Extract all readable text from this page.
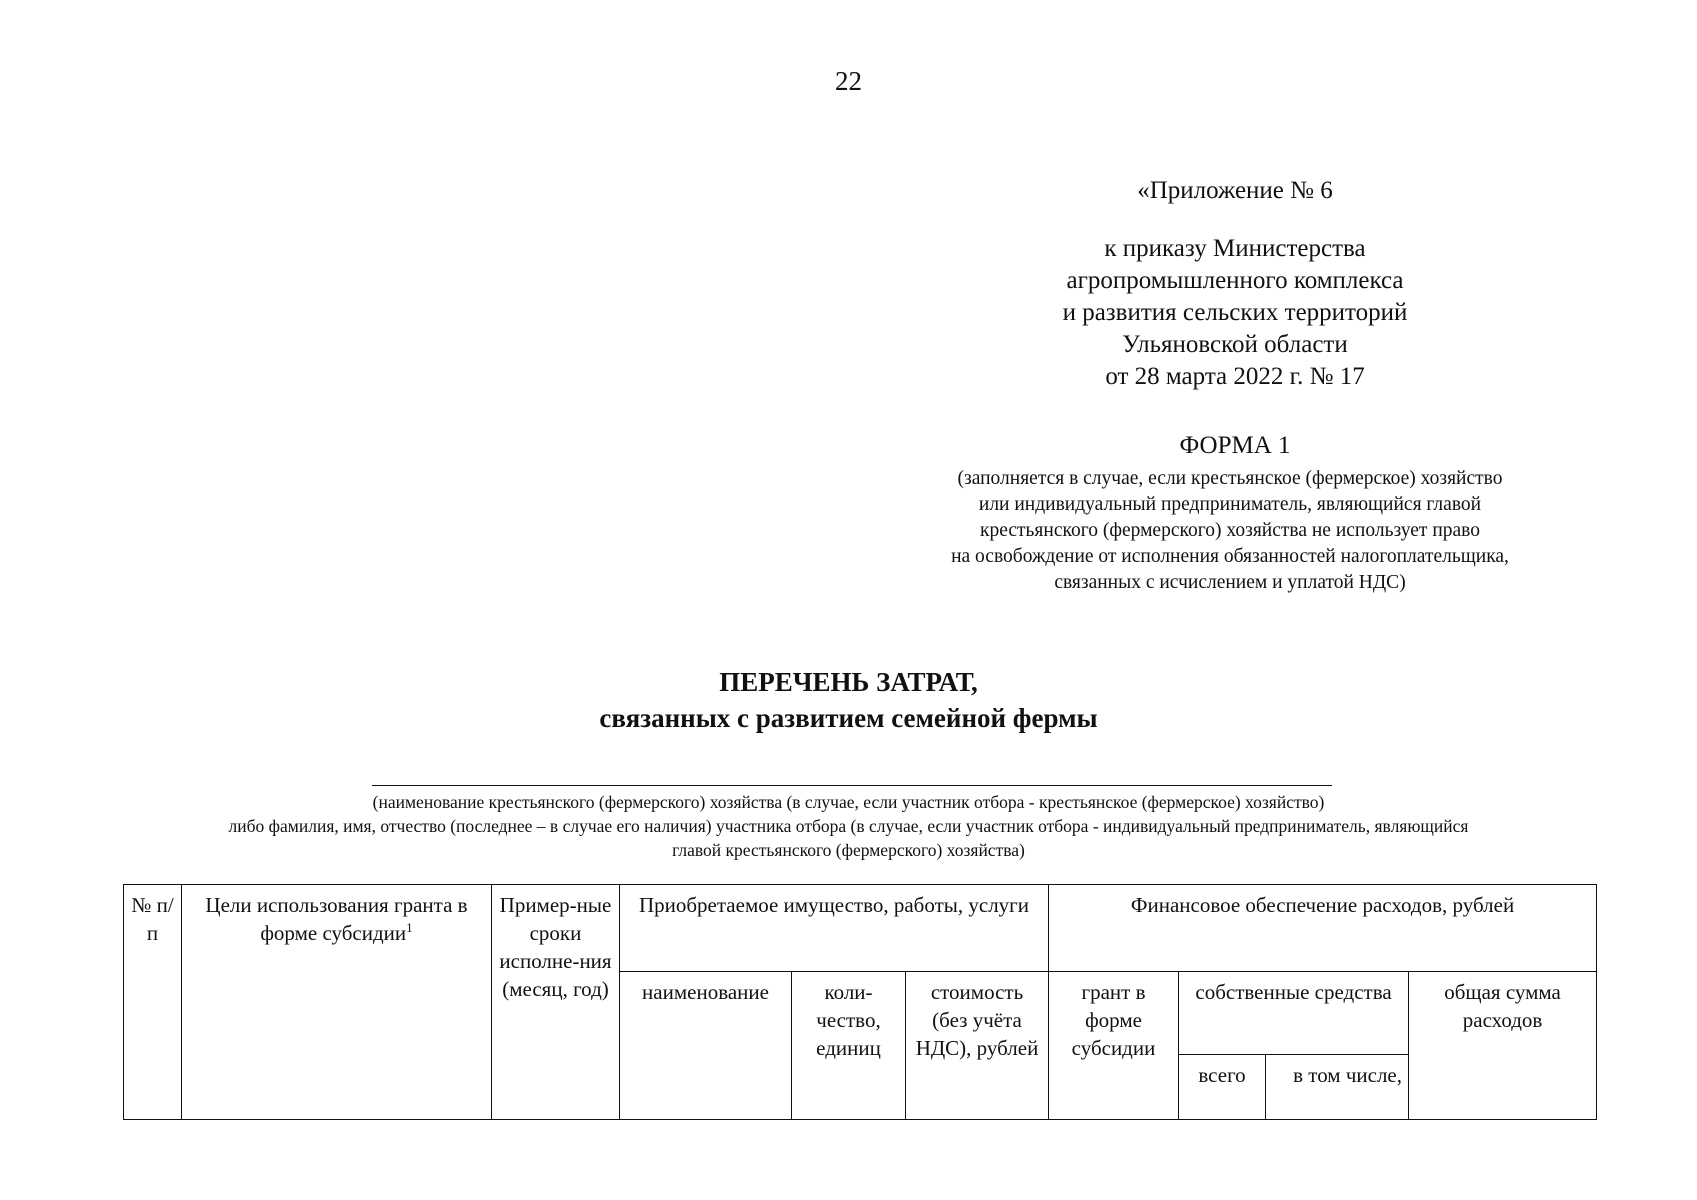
22
«Приложение № 6
к приказу Министерства
агропромышленного комплекса
и развития сельских территорий
Ульяновской области
от 28 марта 2022 г. № 17
ФОРМА 1
(заполняется в случае, если крестьянское (фермерское) хозяйство
или индивидуальный предприниматель, являющийся главой
крестьянского (фермерского) хозяйства не использует право
на освобождение от исполнения обязанностей налогоплательщика,
связанных с исчислением и уплатой НДС)
ПЕРЕЧЕНЬ ЗАТРАТ,
связанных с развитием семейной фермы
(наименование крестьянского (фермерского) хозяйства (в случае, если участник отбора - крестьянское (фермерское) хозяйство)
либо фамилия, имя, отчество (последнее – в случае его наличия) участника отбора (в случае, если участник отбора - индивидуальный предприниматель, являющийся
главой крестьянского (фермерского) хозяйства)
№ п/п	Цели использования гранта в форме субсидии$^1$	Пример-ные сроки исполне-ния (месяц, год)	Приобретаемое имущество, работы, услуги			Финансовое обеспечение расходов, рублей			
			наименование	коли-чество, единиц	стоимость (без учёта НДС), рублей	грант в форме субсидии	собственные средства		общая сумма расходов
							всего	в том числе,	
